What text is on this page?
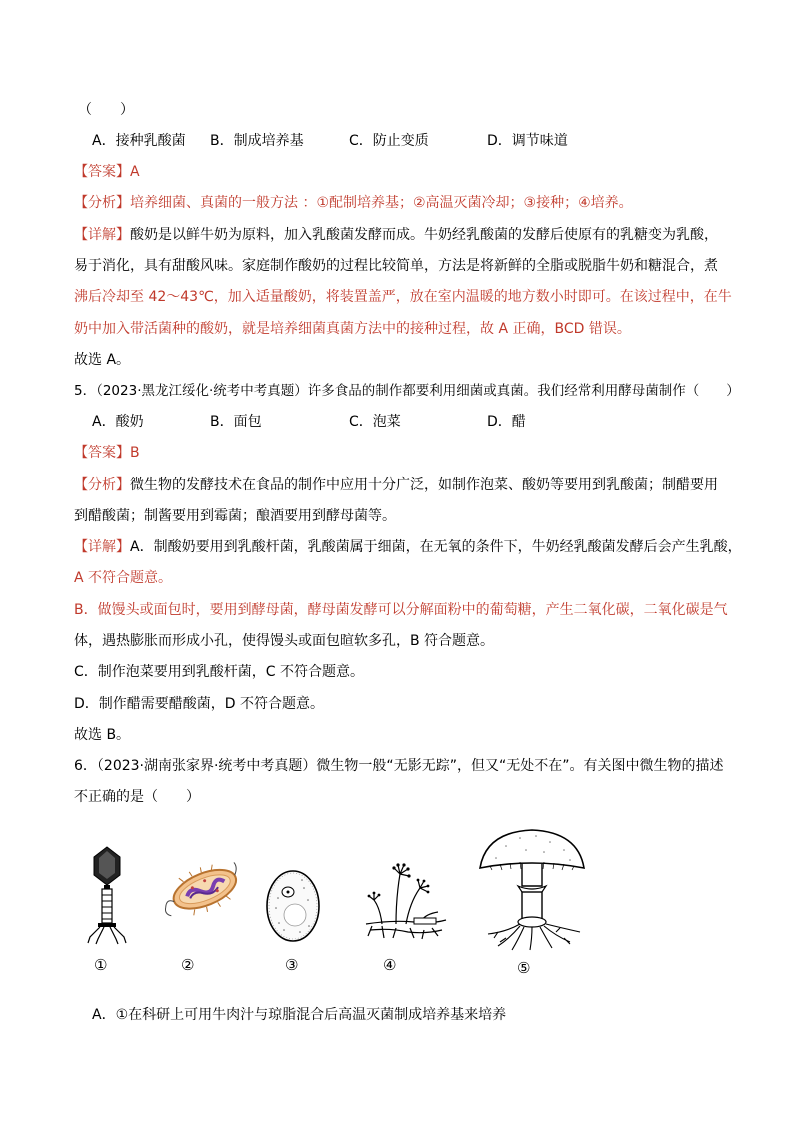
（　　）
A．接种乳酸菌 B．制成培养基	C．防止变质	D．调节味道
【答案】A
【分析】培养细菌、真菌的一般方法 ：①配制培养基；②高温灭菌冷却；③接种；④培养。
【详解】酸奶是以鲜牛奶为原料，加入乳酸菌发酵而成。牛奶经乳酸菌的发酵后使原有的乳糖变为乳酸，
易于消化，具有甜酸风味。家庭制作酸奶的过程比较简单，方法是将新鲜的全脂或脱脂牛奶和糖混合，煮
沸后冷却至 42～43℃，加入适量酸奶，将装置盖严，放在室内温暖的地方数小时即可。在该过程中，在牛
奶中加入带活菌种的酸奶，就是培养细菌真菌方法中的接种过程，故 A 正确，BCD 错误。
故选 A。
5．（2023·黑龙江绥化·统考中考真题）许多食品的制作都要利用细菌或真菌。我们经常利用酵母菌制作（　　）
A．酸奶	B．面包	C．泡菜	D．醋
【答案】B
【分析】微生物的发酵技术在食品的制作中应用十分广泛，如制作泡菜、酸奶等要用到乳酸菌；制醋要用
到醋酸菌；制酱要用到霉菌；酿酒要用到酵母菌等。
【详解】A．制酸奶要用到乳酸杆菌，乳酸菌属于细菌，在无氧的条件下，牛奶经乳酸菌发酵后会产生乳酸，
A 不符合题意。
B．做馒头或面包时，要用到酵母菌，酵母菌发酵可以分解面粉中的葡萄糖，产生二氧化碳，二氧化碳是气
体，遇热膨胀而形成小孔，使得馒头或面包暄软多孔，B 符合题意。
C．制作泡菜要用到乳酸杆菌，C 不符合题意。
D．制作醋需要醋酸菌，D 不符合题意。
故选 B。
6．（2023·湖南张家界·统考中考真题）微生物一般“无影无踪”，但又“无处不在”。有关图中微生物的描述
不正确的是（　　）
①	②	③	④	⑤
A．①在科研上可用牛肉汁与琼脂混合后高温灭菌制成培养基来培养
